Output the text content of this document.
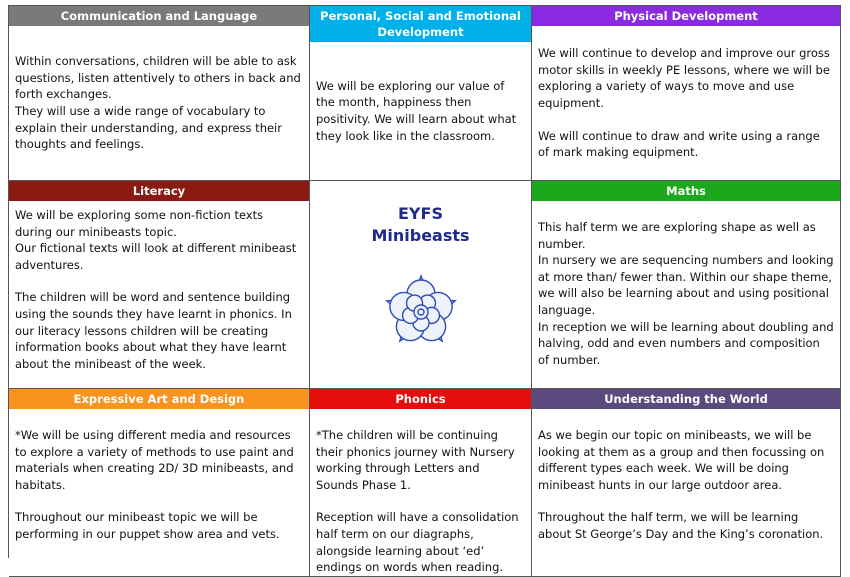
Communication and Language

Within conversations, children will be able to ask questions, listen attentively to others in back and forth exchanges.

They will use a wide range of vocabulary to explain their understanding, and express their thoughts and feelings.

Personal, Social and Emotional Development

We will be exploring our value of the month, happiness then positivity. We will learn about what they look like in the classroom.

Physical Development

We will continue to develop and improve our gross motor skills in weekly PE lessons, where we will be exploring a variety of ways to move and use equipment.

We will continue to draw and write using a range of mark making equipment.

Literacy

We will be exploring some non-fiction texts during our minibeasts topic.

Our fictional texts will look at different minibeast adventures.

The children will be word and sentence building using the sounds they have learnt in phonics. In our literacy lessons children will be creating information books about what they have learnt about the minibeast of the week.

EYFS
Minibeasts
Maths

This half term we are exploring shape as well as number.

In nursery we are sequencing numbers and looking at more than/ fewer than. Within our shape theme, we will also be learning about and using positional language.

In reception we will be learning about doubling and halving, odd and even numbers and composition of number.

Expressive Art and Design

*We will be using different media and resources to explore a variety of methods to use paint and materials when creating 2D/ 3D minibeasts, and habitats.

Throughout our minibeast topic we will be performing in our puppet show area and vets.

Phonics

*The children will be continuing their phonics journey with Nursery working through Letters and Sounds Phase 1.

Reception will have a consolidation half term on our diagraphs, alongside learning about ‘ed’ endings on words when reading.

Understanding the World

As we begin our topic on minibeasts, we will be looking at them as a group and then focussing on different types each week. We will be doing minibeast hunts in our large outdoor area.

Throughout the half term, we will be learning about St George’s Day and the King’s coronation.
